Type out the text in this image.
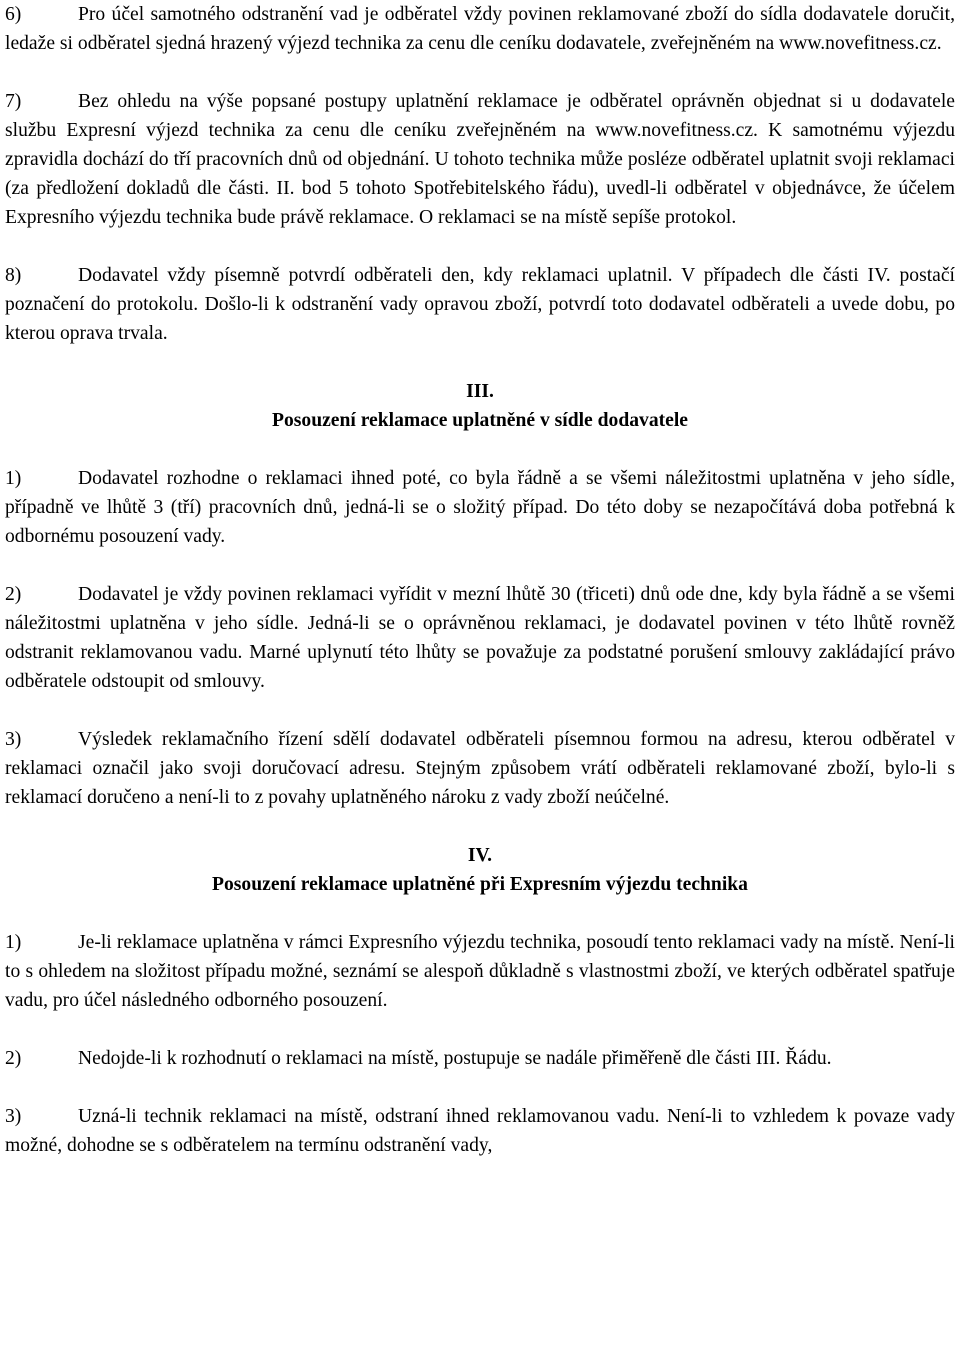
6)	Pro účel samotného odstranění vad je odběratel vždy povinen reklamované zboží do sídla dodavatele doručit, ledaže si odběratel sjedná hrazený výjezd technika za cenu dle ceníku dodavatele, zveřejněném na www.novefitness.cz.

7)	Bez ohledu na výše popsané postupy uplatnění reklamace je odběratel oprávněn objednat si u dodavatele službu Expresní výjezd technika za cenu dle ceníku zveřejněném na www.novefitness.cz. K samotnému výjezdu zpravidla dochází do tří pracovních dnů od objednání. U tohoto technika může posléze odběratel uplatnit svoji reklamaci (za předložení dokladů dle části. II. bod 5 tohoto Spotřebitelského řádu), uvedl-li odběratel v objednávce, že účelem Expresního výjezdu technika bude právě reklamace. O reklamaci se na místě sepíše protokol.

8)	Dodavatel vždy písemně potvrdí odběrateli den, kdy reklamaci uplatnil. V případech dle části IV. postačí poznačení do protokolu. Došlo-li k odstranění vady opravou zboží, potvrdí toto dodavatel odběrateli a uvede dobu, po kterou oprava trvala.

III.

Posouzení reklamace uplatněné v sídle dodavatele

1)	Dodavatel rozhodne o reklamaci ihned poté, co byla řádně a se všemi náležitostmi uplatněna v jeho sídle, případně ve lhůtě 3 (tří) pracovních dnů, jedná-li se o složitý případ. Do této doby se nezapočítává doba potřebná k odbornému posouzení vady.

2)	Dodavatel je vždy povinen reklamaci vyřídit v mezní lhůtě 30 (třiceti) dnů ode dne, kdy byla řádně a se všemi náležitostmi uplatněna v jeho sídle. Jedná-li se o oprávněnou reklamaci, je dodavatel povinen v této lhůtě rovněž odstranit reklamovanou vadu. Marné uplynutí této lhůty se považuje za podstatné porušení smlouvy zakládající právo odběratele odstoupit od smlouvy.

3)	Výsledek reklamačního řízení sdělí dodavatel odběrateli písemnou formou na adresu, kterou odběratel v reklamaci označil jako svoji doručovací adresu. Stejným způsobem vrátí odběrateli reklamované zboží, bylo-li s reklamací doručeno a není-li to z povahy uplatněného nároku z vady zboží neúčelné.

IV.

Posouzení reklamace uplatněné při Expresním výjezdu technika

1)	Je-li reklamace uplatněna v rámci Expresního výjezdu technika, posoudí tento reklamaci vady na místě. Není-li to s ohledem na složitost případu možné, seznámí se alespoň důkladně s vlastnostmi zboží, ve kterých odběratel spatřuje vadu, pro účel následného odborného posouzení.

2)	Nedojde-li k rozhodnutí o reklamaci na místě, postupuje se nadále přiměřeně dle části III. Řádu.

3)	Uzná-li technik reklamaci na místě, odstraní ihned reklamovanou vadu. Není-li to vzhledem k povaze vady možné, dohodne se s odběratelem na termínu odstranění vady,
